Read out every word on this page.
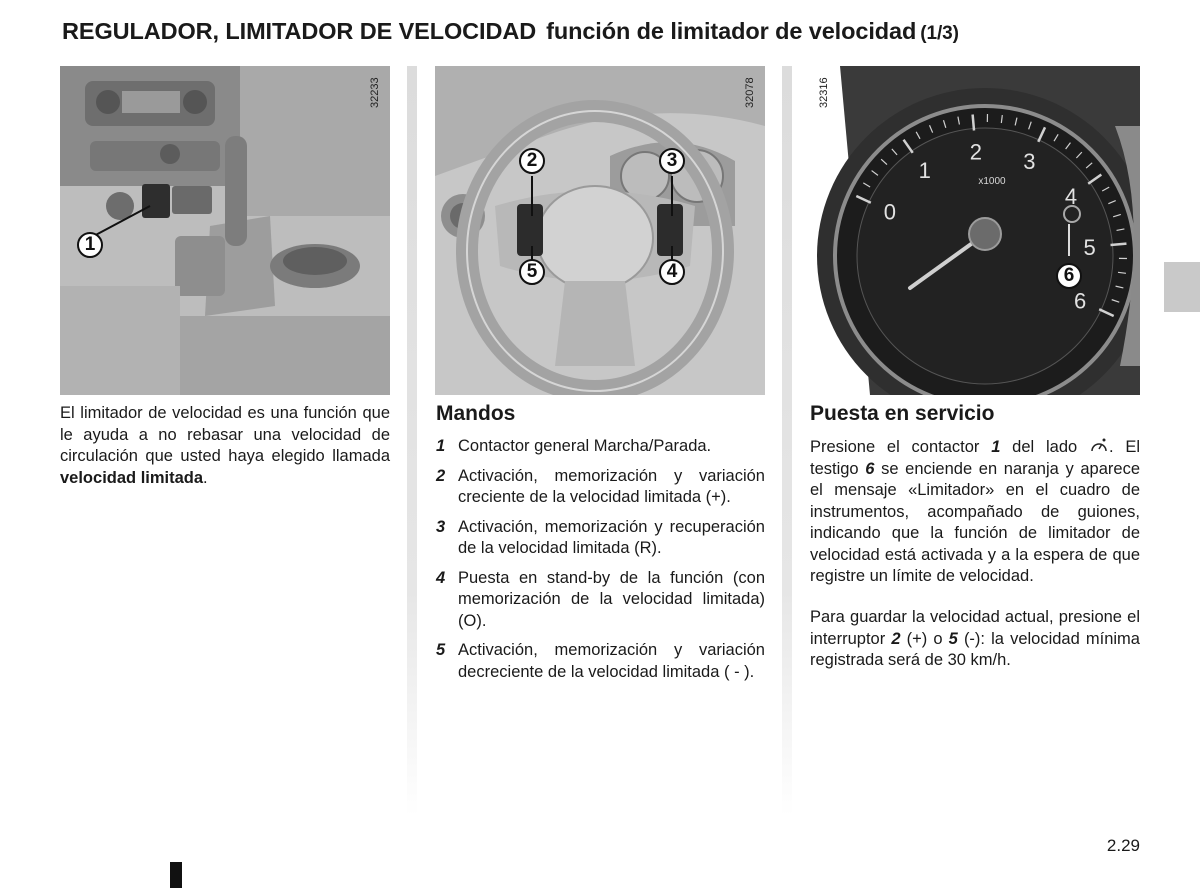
REGULADOR, LIMITADOR DE VELOCIDAD función de limitador de velocidad (1/3)
32233
1
32078
2	3
5	4
0
1
2 3
4
5
6
x1000
32316
6
El limitador de velocidad es una función que le ayuda a no rebasar una velocidad de circulación que usted haya elegido llamada velocidad limitada.
Mandos
1 Contactor general Marcha/Parada.
2 Activación, memorización y variación creciente de la velocidad limitada (+).
3 Activación, memorización y recuperación de la velocidad limitada (R).
4 Puesta en stand-by de la función (con memorización de la velocidad limitada) (O).
5 Activación, memorización y variación decreciente de la velocidad limitada ( - ).
Puesta en servicio
Presione el contactor 1 del lado . El testigo 6 se enciende en naranja y aparece el mensaje «Limitador» en el cuadro de instrumentos, acompañado de guiones, indicando que la función de limitador de velocidad está activada y a la espera de que registre un límite de velocidad.
Para guardar la velocidad actual, presione el interruptor 2 (+) o 5 (-): la velocidad mínima registrada será de 30 km/h.
2.29
